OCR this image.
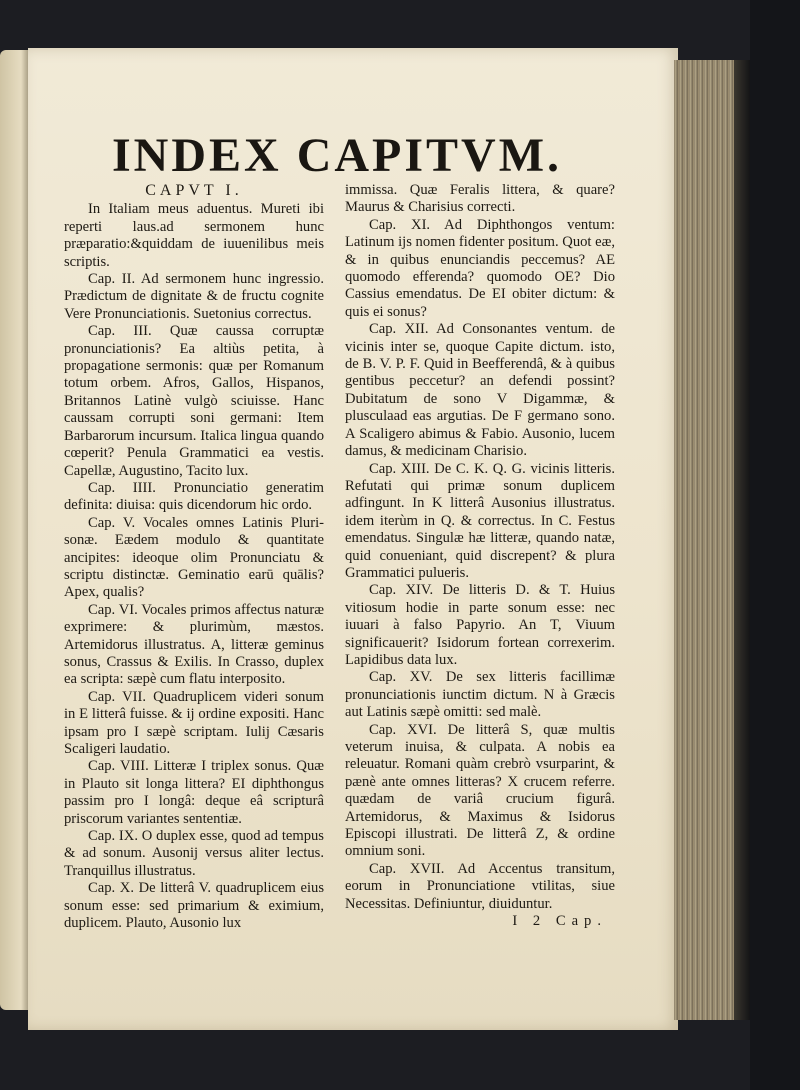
INDEX CAPITVM.

CAPVT I.

In Italiam meus aduentus. Mureti ibi reperti laus.ad sermonem hunc præparatio:&quiddam de iuuenilibus meis scriptis.

Cap. II. Ad sermonem hunc ingressio. Prædictum de dignitate & de fructu cognite Vere Pronunciationis. Suetonius correctus.

Cap. III. Quæ caussa corruptæ pronunciationis? Ea altiùs petita, à propagatione sermonis: quæ per Romanum totum orbem. Afros, Gallos, Hispanos, Britannos Latinè vulgò sciuisse. Hanc caussam corrupti soni germani: Item Barbarorum incursum. Italica lingua quando cœperit? Penula Grammatici ea vestis. Capellæ, Augustino, Tacito lux.

Cap. IIII. Pronunciatio generatim definita: diuisa: quis dicendorum hic ordo.

Cap. V. Vocales omnes Latinis Pluri-sonæ. Eædem modulo & quantitate ancipites: ideoque olim Pronunciatu & scriptu distinctæ. Geminatio earū quālis? Apex, qualis?

Cap. VI. Vocales primos affectus naturæ exprimere: & plurimùm, mæstos. Artemidorus illustratus. A, litteræ geminus sonus, Crassus & Exilis. In Crasso, duplex ea scripta: sæpè cum flatu interposito.

Cap. VII. Quadruplicem videri sonum in E litterâ fuisse. & ij ordine expositi. Hanc ipsam pro I sæpè scriptam. Iulij Cæsaris Scaligeri laudatio.

Cap. VIII. Litteræ I triplex sonus. Quæ in Plauto sit longa littera? EI diphthongus passim pro I longâ: deque eâ scripturâ priscorum variantes sententiæ.

Cap. IX. O duplex esse, quod ad tempus & ad sonum. Ausonij versus aliter lectus. Tranquillus illustratus.

Cap. X. De litterâ V. quadruplicem eius sonum esse: sed primarium & eximium, duplicem. Plauto, Ausonio lux

immissa. Quæ Feralis littera, & quare? Maurus & Charisius correcti.

Cap. XI. Ad Diphthongos ventum: Latinum ijs nomen fidenter positum. Quot eæ, & in quibus enunciandis peccemus? AE quomodo efferenda? quomodo OE? Dio Cassius emendatus. De EI obiter dictum: & quis ei sonus?

Cap. XII. Ad Consonantes ventum. de vicinis inter se, quoque Capite dictum. isto, de B. V. P. F. Quid in Beefferendâ, & à quibus gentibus peccetur? an defendi possint? Dubitatum de sono V Digammæ, & plusculaad eas argutias. De F germano sono. A Scaligero abimus & Fabio. Ausonio, lucem damus, & medicinam Charisio.

Cap. XIII. De C. K. Q. G. vicinis litteris. Refutati qui primæ sonum duplicem adfingunt. In K litterâ Ausonius illustratus. idem iterùm in Q. & correctus. In C. Festus emendatus. Singulæ hæ litteræ, quando natæ, quid conueniant, quid discrepent? & plura Grammatici pulueris.

Cap. XIV. De litteris D. & T. Huius vitiosum hodie in parte sonum esse: nec iuuari à falso Papyrio. An T, Viuum significauerit? Isidorum fortean correxerim. Lapidibus data lux.

Cap. XV. De sex litteris facillimæ pronunciationis iunctim dictum. N à Græcis aut Latinis sæpè omitti: sed malè.

Cap. XVI. De litterâ S, quæ multis veterum inuisa, & culpata. A nobis ea releuatur. Romani quàm crebrò vsurparint, & pænè ante omnes litteras? X crucem referre. quædam de variâ crucium figurâ. Artemidorus, & Maximus & Isidorus Episcopi illustrati. De litterâ Z, & ordine omnium soni.

Cap. XVII. Ad Accentus transitum, eorum in Pronunciatione vtilitas, siue Necessitas. Definiuntur, diuiduntur.

I 2 Cap.
